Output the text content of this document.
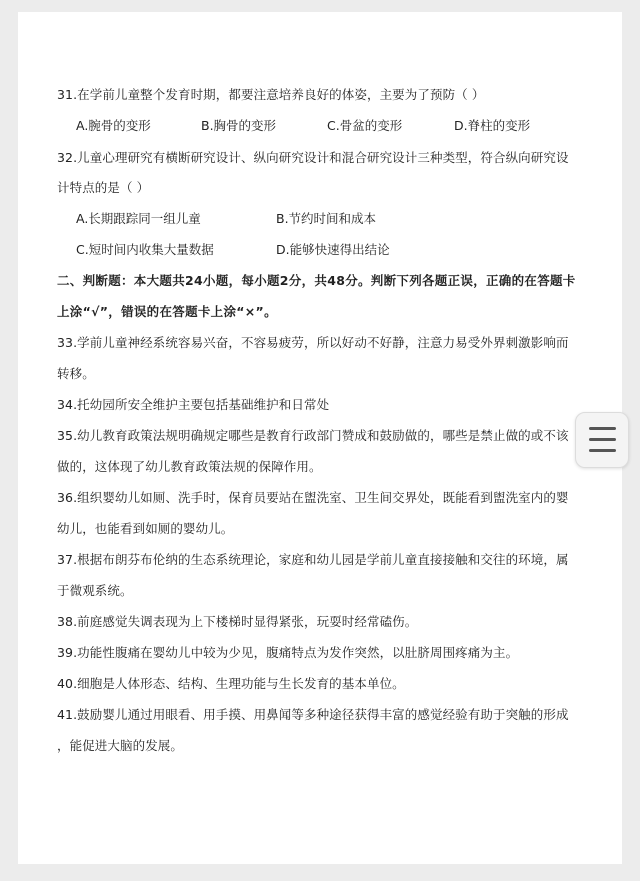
31.在学前儿童整个发育时期，都要注意培养良好的体姿，主要为了预防（ ）
A.腕骨的变形	B.胸骨的变形	C.骨盆的变形	D.脊柱的变形
32.儿童心理研究有横断研究设计、纵向研究设计和混合研究设计三种类型，符合纵向研究设
计特点的是（ ）
A.长期跟踪同一组儿童	B.节约时间和成本
C.短时间内收集大量数据	D.能够快速得出结论
二、判断题：本大题共24小题，每小题2分，共48分。判断下列各题正误，正确的在答题卡
上涂“√”，错误的在答题卡上涂“×”。
33.学前儿童神经系统容易兴奋，不容易疲劳，所以好动不好静，注意力易受外界刺激影响而
转移。
34.托幼园所安全维护主要包括基础维护和日常处
35.幼儿教育政策法规明确规定哪些是教育行政部门赞成和鼓励做的，哪些是禁止做的或不该
做的，这体现了幼儿教育政策法规的保障作用。
36.组织婴幼儿如厕、洗手时，保育员要站在盥洗室、卫生间交界处，既能看到盥洗室内的婴
幼儿，也能看到如厕的婴幼儿。
37.根据布朗芬布伦纳的生态系统理论，家庭和幼儿园是学前儿童直接接触和交往的环境，属
于微观系统。
38.前庭感觉失调表现为上下楼梯时显得紧张，玩耍时经常磕伤。
39.功能性腹痛在婴幼儿中较为少见，腹痛特点为发作突然，以肚脐周围疼痛为主。
40.细胞是人体形态、结构、生理功能与生长发育的基本单位。
41.鼓励婴儿通过用眼看、用手摸、用鼻闻等多种途径获得丰富的感觉经验有助于突触的形成
，能促进大脑的发展。
